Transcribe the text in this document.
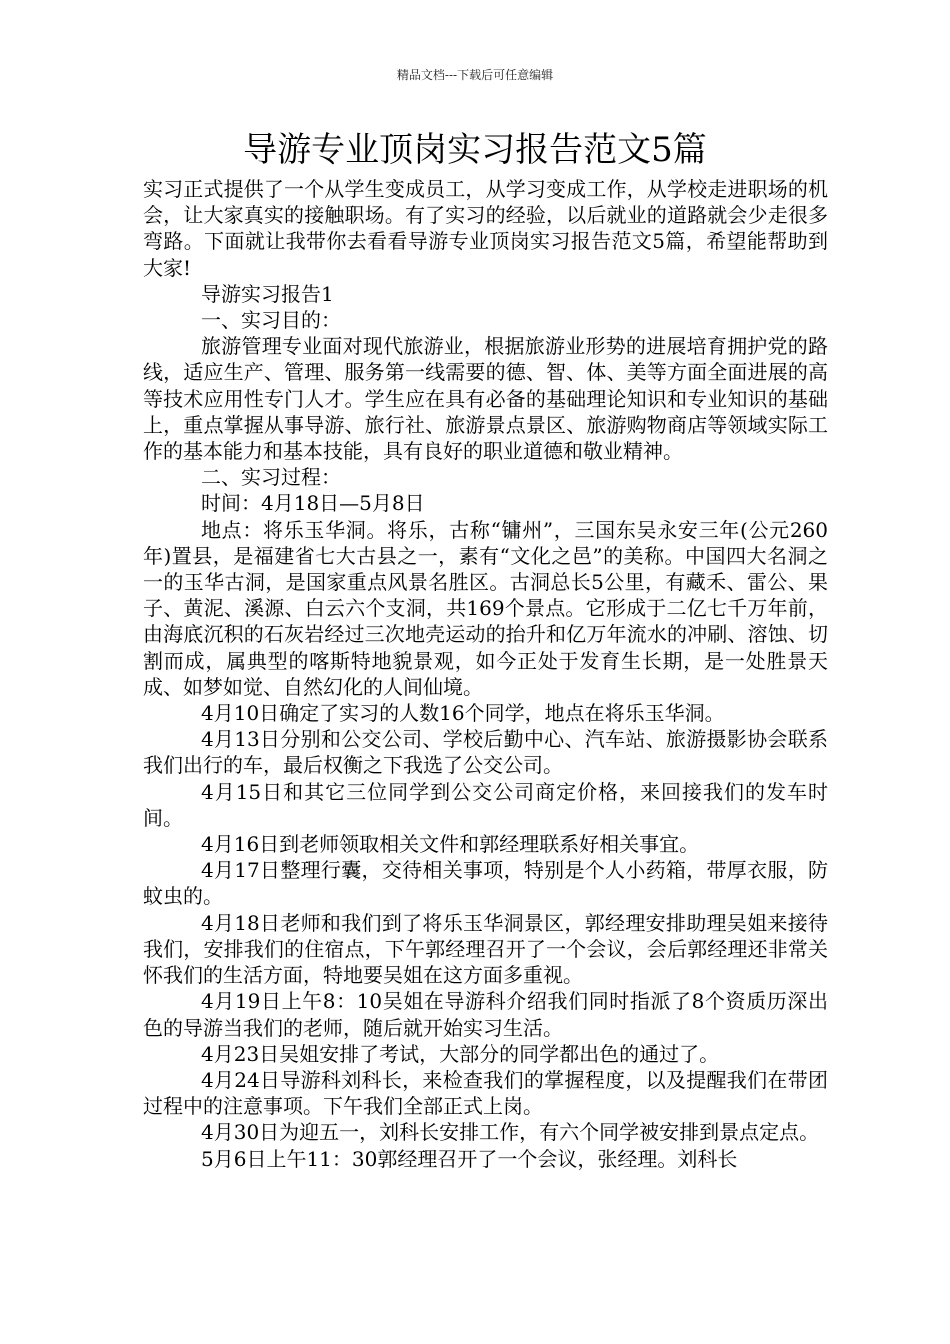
精品文档---下载后可任意编辑
导游专业顶岗实习报告范文5篇

实习正式提供了一个从学生变成员工，从学习变成工作，从学校走进职场的机会，让大家真实的接触职场。有了实习的经验，以后就业的道路就会少走很多弯路。下面就让我带你去看看导游专业顶岗实习报告范文5篇，希望能帮助到大家!

导游实习报告1

一、实习目的：

旅游管理专业面对现代旅游业，根据旅游业形势的进展培育拥护党的路线，适应生产、管理、服务第一线需要的德、智、体、美等方面全面进展的高等技术应用性专门人才。学生应在具有必备的基础理论知识和专业知识的基础上，重点掌握从事导游、旅行社、旅游景点景区、旅游购物商店等领域实际工作的基本能力和基本技能，具有良好的职业道德和敬业精神。

二、实习过程：

时间：4月18日—5月8日

地点：将乐玉华洞。将乐，古称“镛州”，三国东吴永安三年(公元260年)置县，是福建省七大古县之一，素有“文化之邑”的美称。中国四大名洞之一的玉华古洞，是国家重点风景名胜区。古洞总长5公里，有藏禾、雷公、果子、黄泥、溪源、白云六个支洞，共169个景点。它形成于二亿七千万年前，由海底沉积的石灰岩经过三次地壳运动的抬升和亿万年流水的冲刷、溶蚀、切割而成，属典型的喀斯特地貌景观，如今正处于发育生长期，是一处胜景天成、如梦如觉、自然幻化的人间仙境。

4月10日确定了实习的人数16个同学，地点在将乐玉华洞。

4月13日分别和公交公司、学校后勤中心、汽车站、旅游摄影协会联系我们出行的车，最后权衡之下我选了公交公司。

4月15日和其它三位同学到公交公司商定价格，来回接我们的发车时间。

4月16日到老师领取相关文件和郭经理联系好相关事宜。

4月17日整理行囊，交待相关事项，特别是个人小药箱，带厚衣服，防蚊虫的。

4月18日老师和我们到了将乐玉华洞景区，郭经理安排助理吴姐来接待我们，安排我们的住宿点，下午郭经理召开了一个会议，会后郭经理还非常关怀我们的生活方面，特地要吴姐在这方面多重视。

4月19日上午8：10吴姐在导游科介绍我们同时指派了8个资质历深出色的导游当我们的老师，随后就开始实习生活。

4月23日吴姐安排了考试，大部分的同学都出色的通过了。

4月24日导游科刘科长，来检查我们的掌握程度，以及提醒我们在带团过程中的注意事项。下午我们全部正式上岗。

4月30日为迎五一，刘科长安排工作，有六个同学被安排到景点定点。

5月6日上午11：30郭经理召开了一个会议，张经理。刘科长
